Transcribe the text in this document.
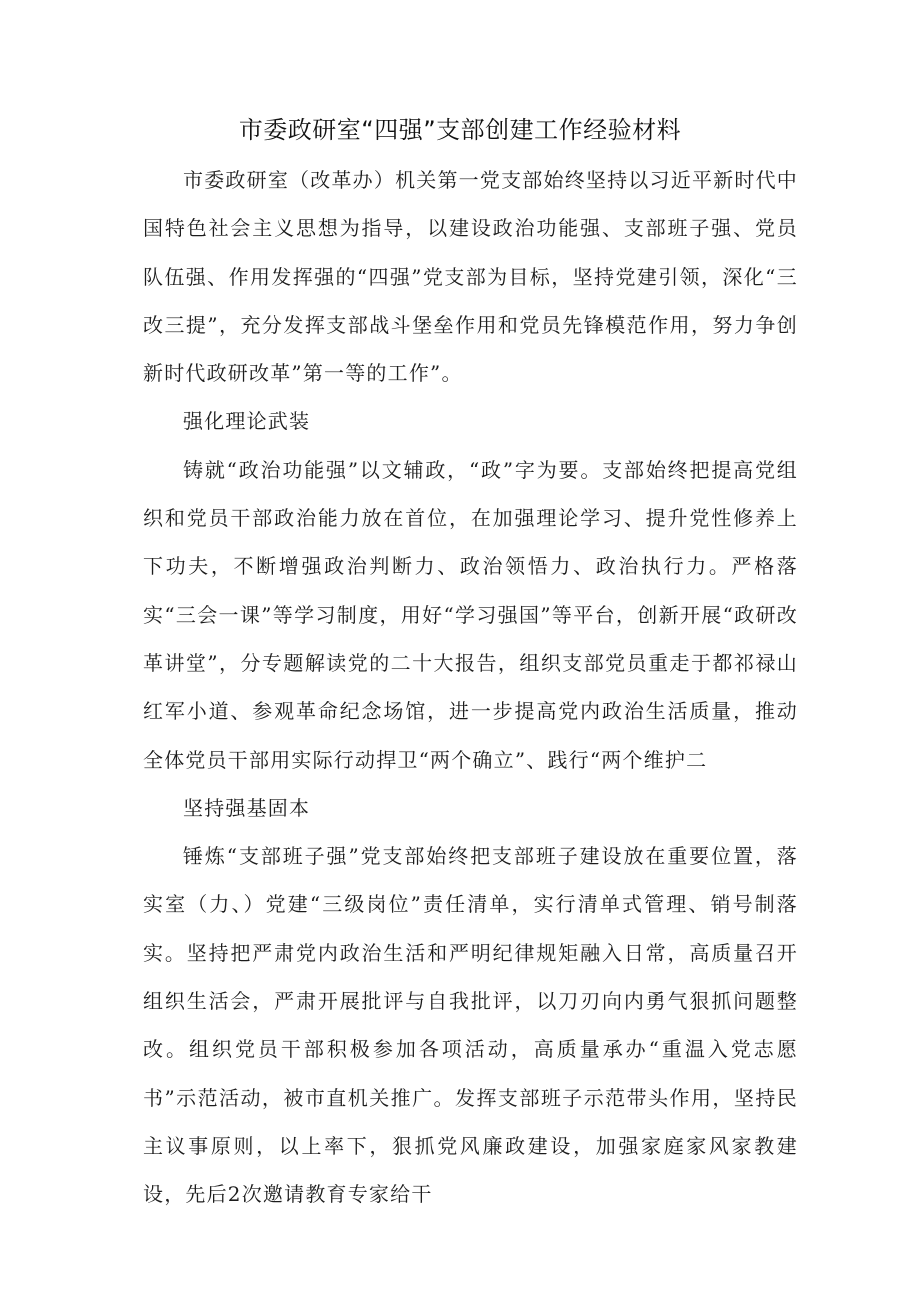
市委政研室“四强”支部创建工作经验材料

市委政研室（改革办）机关第一党支部始终坚持以习近平新时代中国特色社会主义思想为指导，以建设政治功能强、支部班子强、党员队伍强、作用发挥强的“四强”党支部为目标，坚持党建引领，深化“三改三提”，充分发挥支部战斗堡垒作用和党员先锋模范作用，努力争创新时代政研改革”第一等的工作”。

强化理论武装

铸就“政治功能强”以文辅政，“政”字为要。支部始终把提高党组织和党员干部政治能力放在首位，在加强理论学习、提升党性修养上下功夫，不断增强政治判断力、政治领悟力、政治执行力。严格落实“三会一课”等学习制度，用好“学习强国”等平台，创新开展“政研改革讲堂”，分专题解读党的二十大报告，组织支部党员重走于都祁禄山红军小道、参观革命纪念场馆，进一步提高党内政治生活质量，推动全体党员干部用实际行动捍卫“两个确立”、践行“两个维护二

坚持强基固本

锤炼“支部班子强”党支部始终把支部班子建设放在重要位置，落实室（力、）党建“三级岗位”责任清单，实行清单式管理、销号制落实。坚持把严肃党内政治生活和严明纪律规矩融入日常，高质量召开组织生活会，严肃开展批评与自我批评，以刀刃向内勇气狠抓问题整改。组织党员干部积极参加各项活动，高质量承办“重温入党志愿书”示范活动，被市直机关推广。发挥支部班子示范带头作用，坚持民主议事原则，以上率下，狠抓党风廉政建设，加强家庭家风家教建设，先后2次邀请教育专家给干
